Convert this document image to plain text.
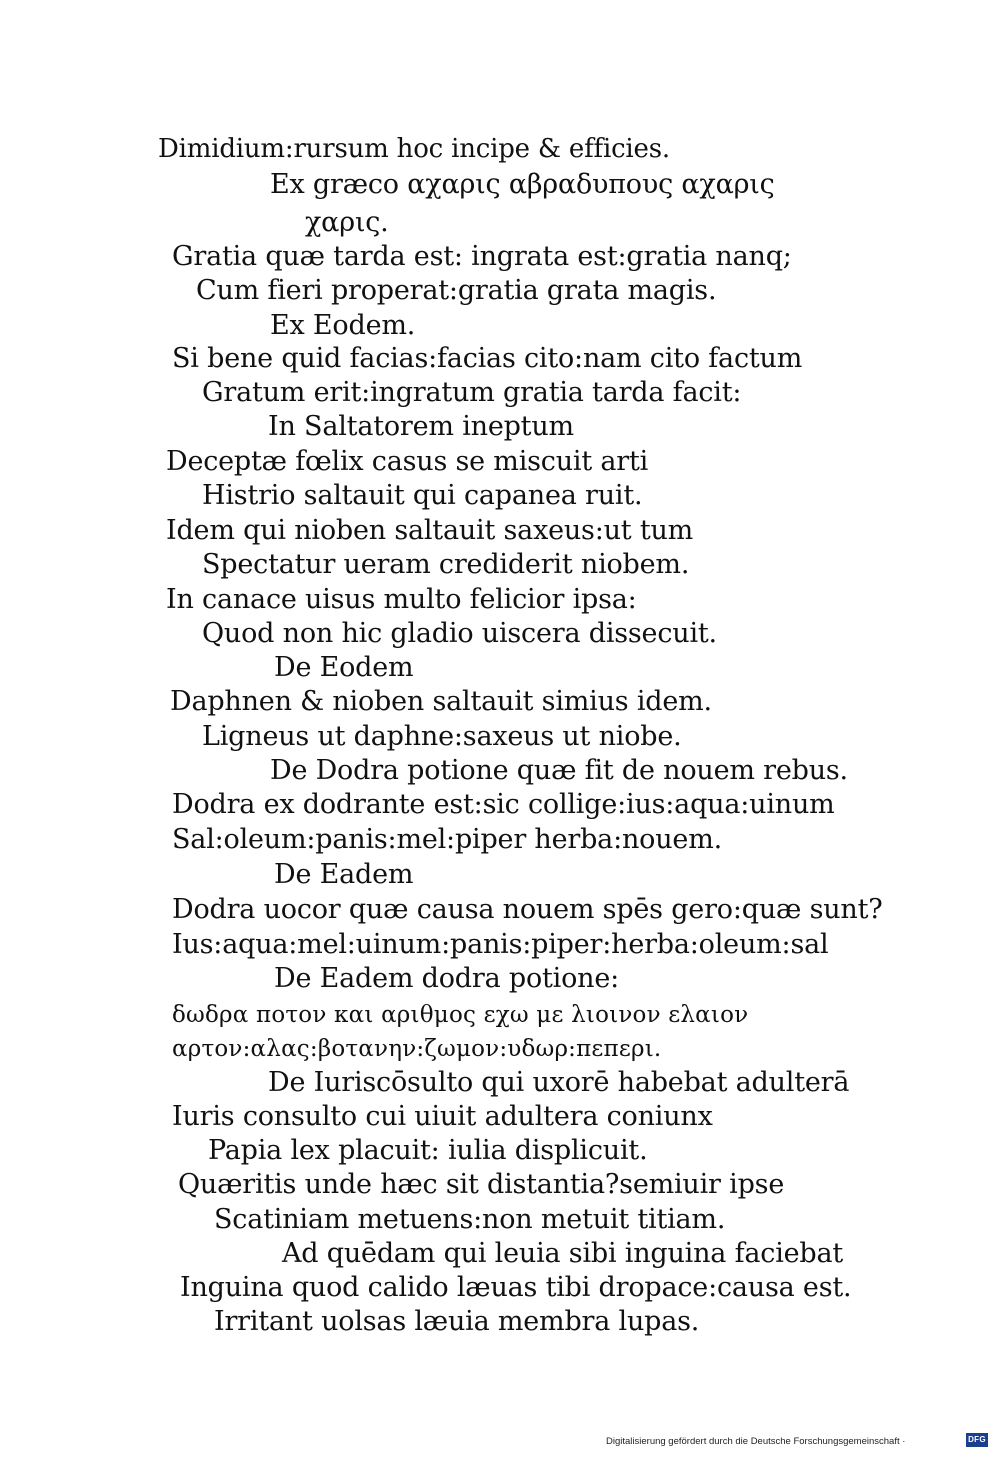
Dimidium:rursum hoc incipe & efficies.
Ex græco αχαρις αβραδυπους αχαρις
χαρις.
Gratia quæ tarda est: ingrata est:gratia nanq;
Cum fieri properat:gratia grata magis.
Ex Eodem.
Si bene quid facias:facias cito:nam cito factum
Gratum erit:ingratum gratia tarda facit:
In Saltatorem ineptum
Deceptæ fœlix casus se miscuit arti
Histrio saltauit qui capanea ruit.
Idem qui nioben saltauit saxeus:ut tum
Spectatur ueram crediderit niobem.
In canace uisus multo felicior ipsa:
Quod non hic gladio uiscera dissecuit.
De Eodem
Daphnen & nioben saltauit simius idem.
Ligneus ut daphne:saxeus ut niobe.
De Dodra potione quæ fit de nouem rebus.
Dodra ex dodrante est:sic collige:ius:aqua:uinum
Sal:oleum:panis:mel:piper herba:nouem.
De Eadem
Dodra uocor quæ causa nouem spēs gero:quæ sunt?
Ius:aqua:mel:uinum:panis:piper:herba:oleum:sal
De Eadem dodra potione:
δωδρα ποτον και αριθμος εχω με λιοινον ελαιον
αρτον:αλας:βοτανην:ζωμον:υδωρ:πεπερι.
De Iuriscōsulto qui uxorē habebat adulterā
Iuris consulto cui uiuit adultera coniunx
Papia lex placuit: iulia displicuit.
Quæritis unde hæc sit distantia?semiuir ipse
Scatiniam metuens:non metuit titiam.
Ad quēdam qui leuia sibi inguina faciebat
Inguina quod calido læuas tibi dropace:causa est.
Irritant uolsas læuia membra lupas.
Digitalisierung gefördert durch die Deutsche Forschungsgemeinschaft ·	DFG
